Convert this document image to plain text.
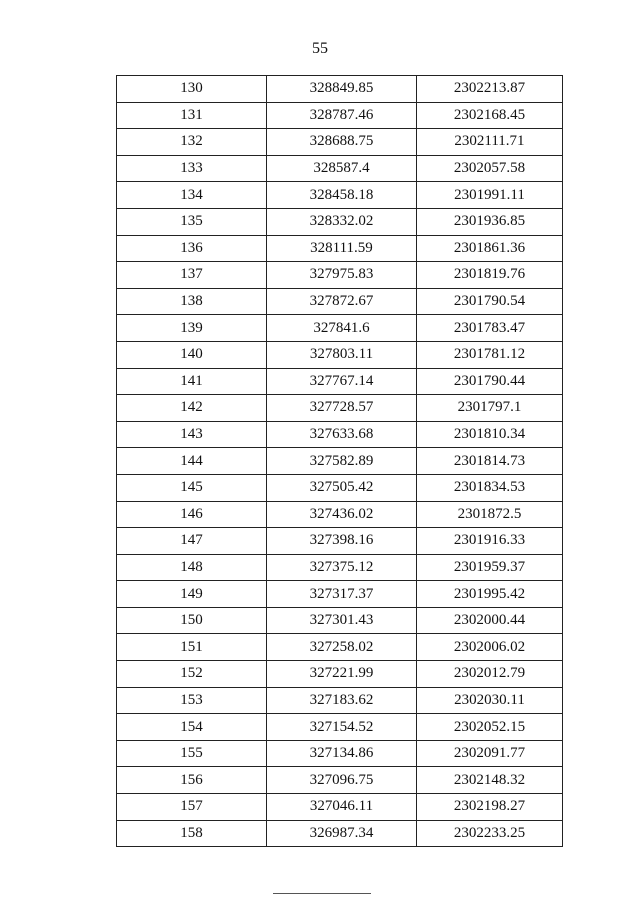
55
130	328849.85	2302213.87
131	328787.46	2302168.45
132	328688.75	2302111.71
133	328587.4	2302057.58
134	328458.18	2301991.11
135	328332.02	2301936.85
136	328111.59	2301861.36
137	327975.83	2301819.76
138	327872.67	2301790.54
139	327841.6	2301783.47
140	327803.11	2301781.12
141	327767.14	2301790.44
142	327728.57	2301797.1
143	327633.68	2301810.34
144	327582.89	2301814.73
145	327505.42	2301834.53
146	327436.02	2301872.5
147	327398.16	2301916.33
148	327375.12	2301959.37
149	327317.37	2301995.42
150	327301.43	2302000.44
151	327258.02	2302006.02
152	327221.99	2302012.79
153	327183.62	2302030.11
154	327154.52	2302052.15
155	327134.86	2302091.77
156	327096.75	2302148.32
157	327046.11	2302198.27
158	326987.34	2302233.25
